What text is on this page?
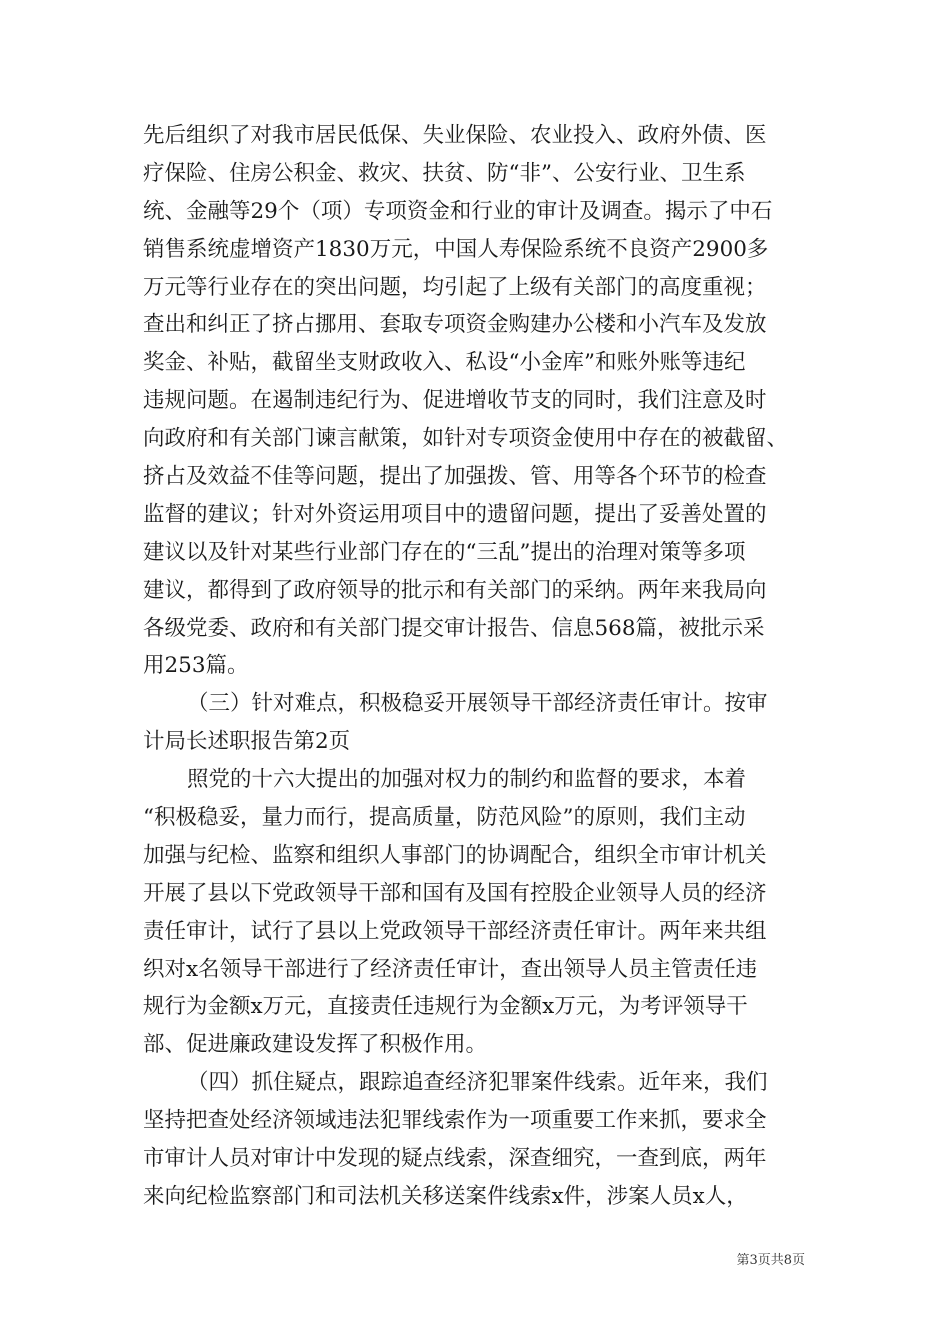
先后组织了对我市居民低保、失业保险、农业投入、政府外债、医
疗保险、住房公积金、救灾、扶贫、防“非”、公安行业、卫生系
统、金融等29个（项）专项资金和行业的审计及调查。揭示了中石
销售系统虚增资产1830万元，中国人寿保险系统不良资产2900多
万元等行业存在的突出问题，均引起了上级有关部门的高度重视；
查出和纠正了挤占挪用、套取专项资金购建办公楼和小汽车及发放
奖金、补贴，截留坐支财政收入、私设“小金库”和账外账等违纪
违规问题。在遏制违纪行为、促进增收节支的同时，我们注意及时
向政府和有关部门谏言献策，如针对专项资金使用中存在的被截留、
挤占及效益不佳等问题，提出了加强拨、管、用等各个环节的检查
监督的建议；针对外资运用项目中的遗留问题，提出了妥善处置的
建议以及针对某些行业部门存在的“三乱”提出的治理对策等多项
建议，都得到了政府领导的批示和有关部门的采纳。两年来我局向
各级党委、政府和有关部门提交审计报告、信息568篇，被批示采
用253篇。
（三）针对难点，积极稳妥开展领导干部经济责任审计。按审
计局长述职报告第2页
照党的十六大提出的加强对权力的制约和监督的要求，本着
“积极稳妥，量力而行，提高质量，防范风险”的原则，我们主动
加强与纪检、监察和组织人事部门的协调配合，组织全市审计机关
开展了县以下党政领导干部和国有及国有控股企业领导人员的经济
责任审计，试行了县以上党政领导干部经济责任审计。两年来共组
织对x名领导干部进行了经济责任审计，查出领导人员主管责任违
规行为金额x万元，直接责任违规行为金额x万元，为考评领导干
部、促进廉政建设发挥了积极作用。
（四）抓住疑点，跟踪追查经济犯罪案件线索。近年来，我们
坚持把查处经济领域违法犯罪线索作为一项重要工作来抓，要求全
市审计人员对审计中发现的疑点线索，深查细究，一查到底，两年
来向纪检监察部门和司法机关移送案件线索x件，涉案人员x人，
第3页共8页
